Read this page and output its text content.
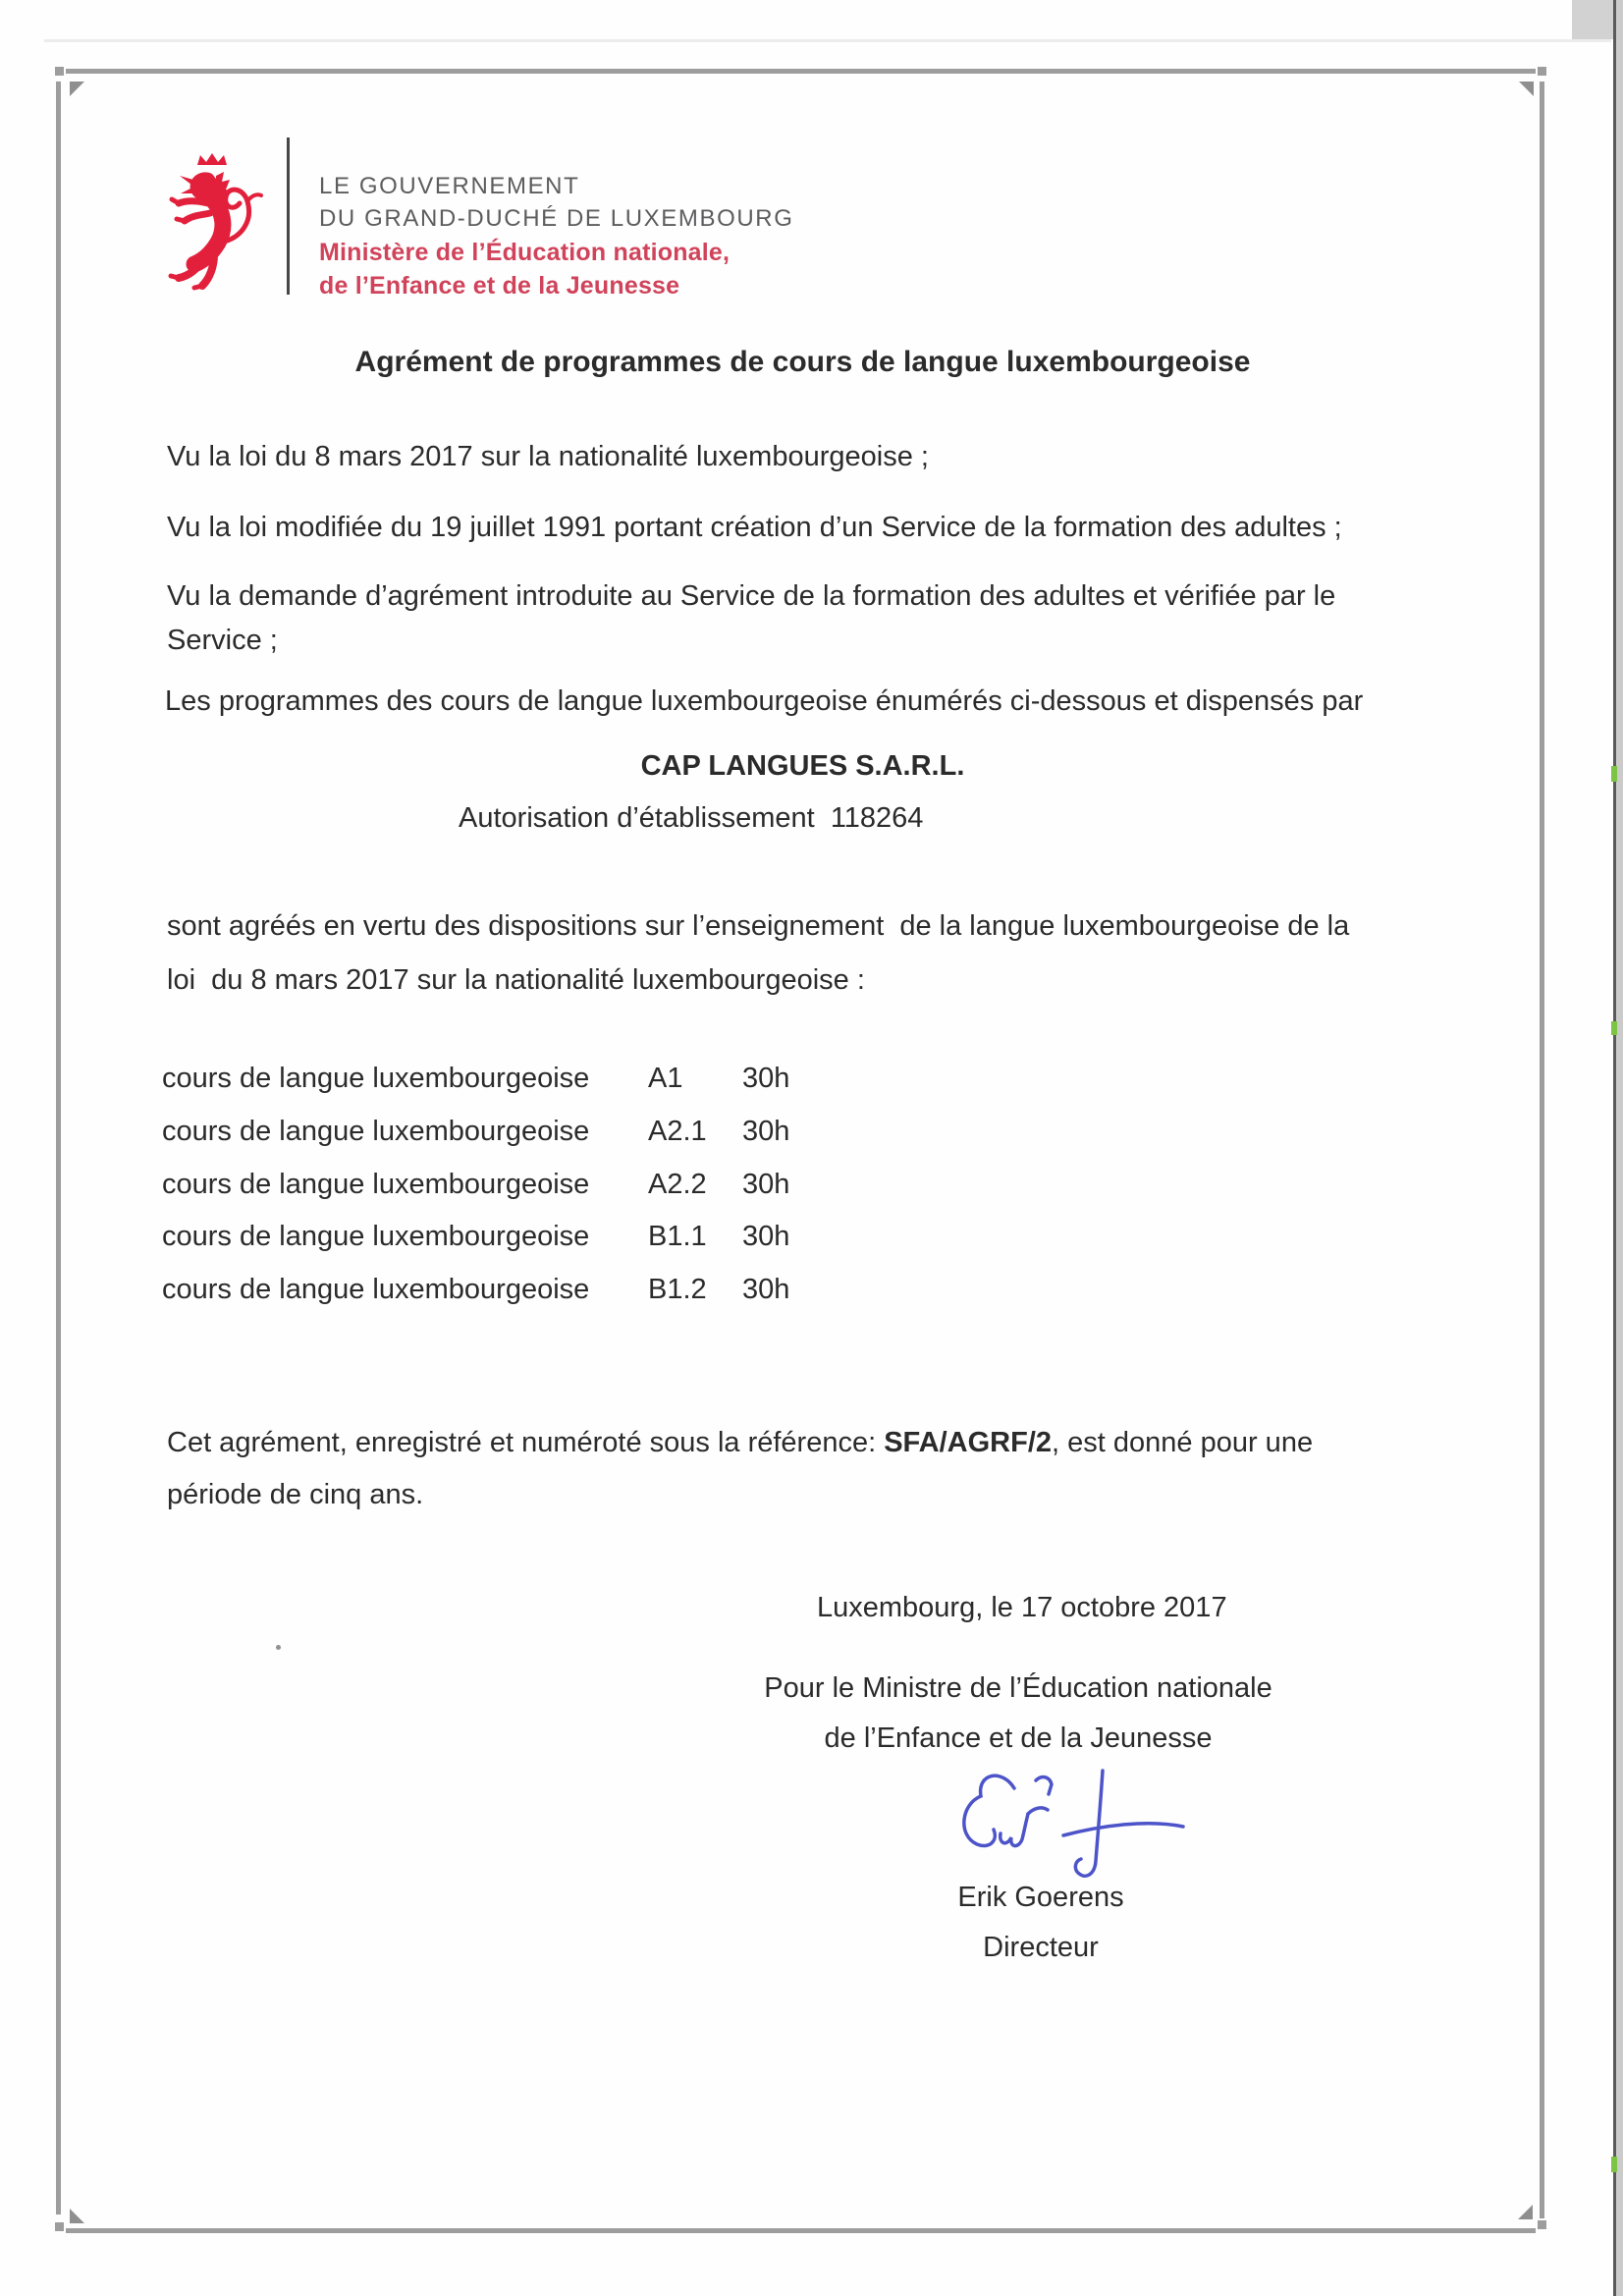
LE GOUVERNEMENT
DU GRAND-DUCHÉ DE LUXEMBOURG
Ministère de l’Éducation nationale,
de l’Enfance et de la Jeunesse
Agrément de programmes de cours de langue luxembourgeoise
Vu la loi du 8 mars 2017 sur la nationalité luxembourgeoise ;
Vu la loi modifiée du 19 juillet 1991 portant création d’un Service de la formation des adultes ;
Vu la demande d’agrément introduite au Service de la formation des adultes et vérifiée par le
Service ;
Les programmes des cours de langue luxembourgeoise énumérés ci-dessous et dispensés par
CAP LANGUES S.A.R.L.
Autorisation d’établissement  118264
sont agréés en vertu des dispositions sur l’enseignement  de la langue luxembourgeoise de la
loi  du 8 mars 2017 sur la nationalité luxembourgeoise :
cours de langue luxembourgeoise A1 30h
cours de langue luxembourgeoise A2.1 30h
cours de langue luxembourgeoise A2.2 30h
cours de langue luxembourgeoise B1.1 30h
cours de langue luxembourgeoise B1.2 30h
Cet agrément, enregistré et numéroté sous la référence: SFA/AGRF/2, est donné pour une
période de cinq ans.
Luxembourg, le 17 octobre 2017
Pour le Ministre de l’Éducation nationale
de l’Enfance et de la Jeunesse
Erik Goerens
Directeur
